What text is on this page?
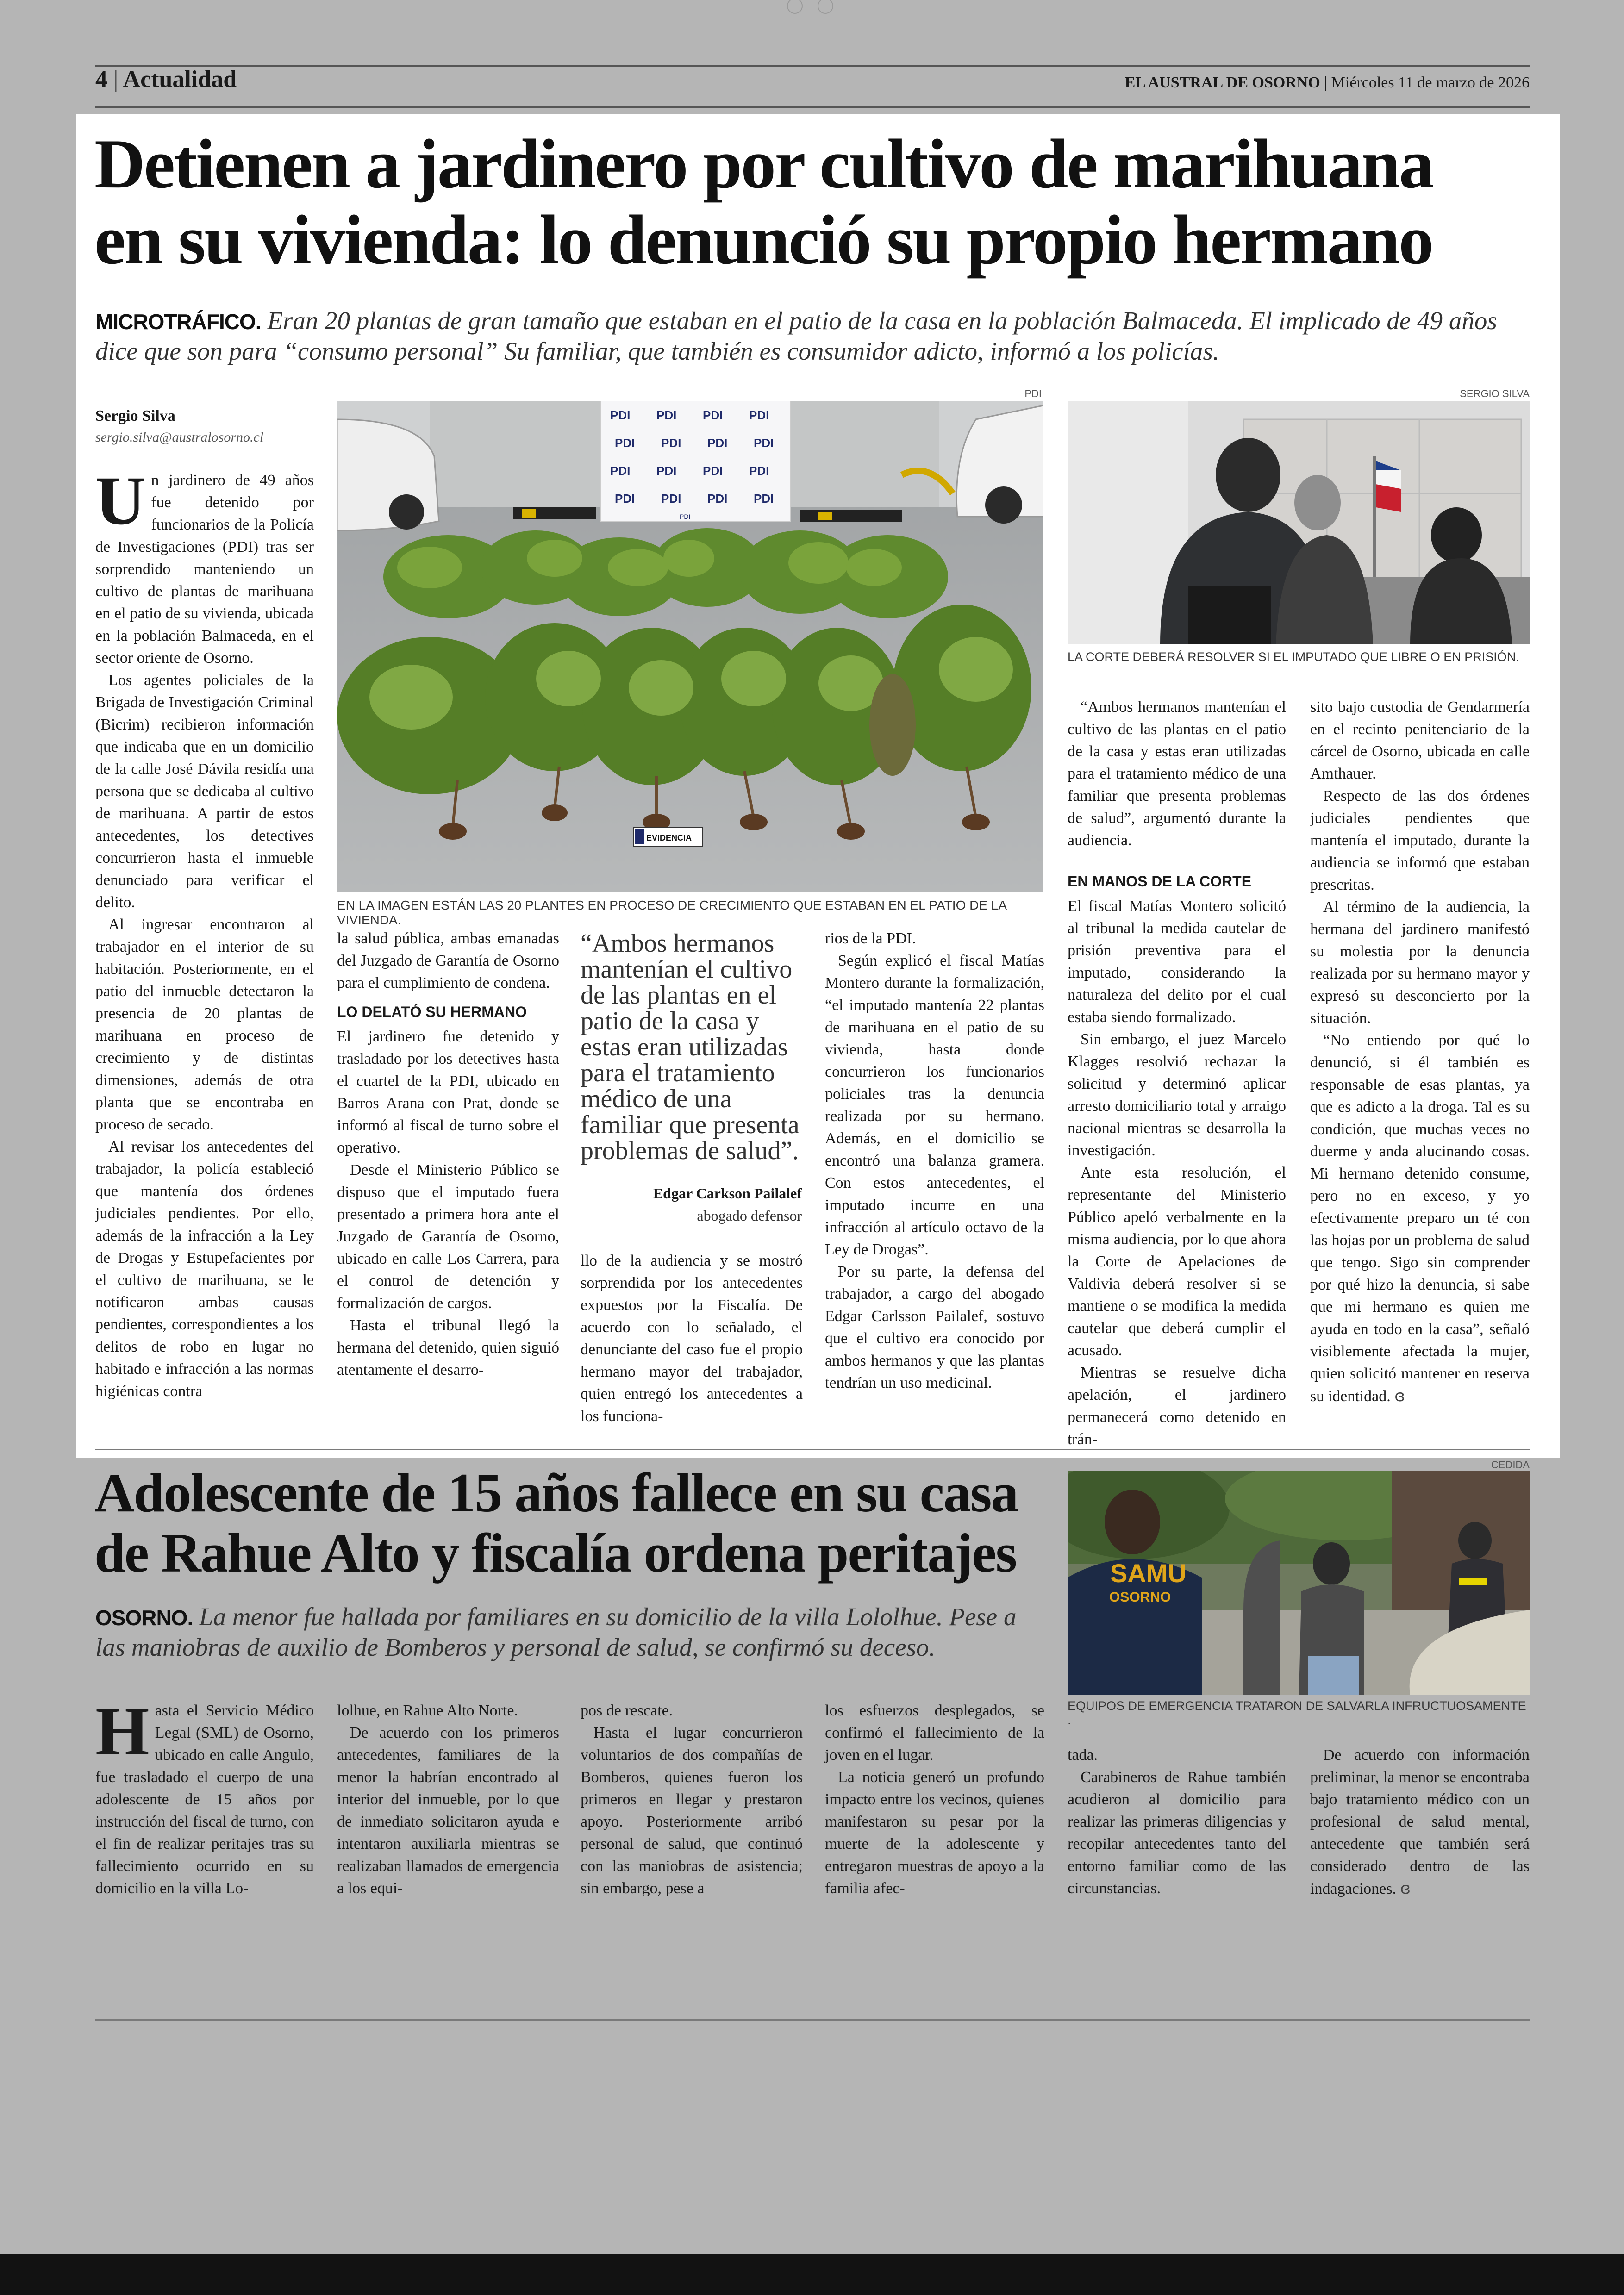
4 | Actualidad	EL AUSTRAL DE OSORNO | Miércoles 11 de marzo de 2026
Detienen a jardinero por cultivo de marihuana
en su vivienda: lo denunció su propio hermano

MICROTRÁFICO. Eran 20 plantas de gran tamaño que estaban en el patio de la casa en la población Balmaceda. El implicado de 49 años dice que son para “consumo personal” Su familiar, que también es consumidor adicto, informó a los policías.

Sergio Silva
sergio.silva@australosorno.cl
PDI
PDI PDI PDI PDI
PDI PDI PDI PDI
PDI PDI PDI PDI
PDI PDI PDI PDI
EVIDENCIA
PDI
EN LA IMAGEN ESTÁN LAS 20 PLANTES EN PROCESO DE CRECIMIENTO QUE ESTABAN EN EL PATIO DE LA VIVIENDA.
SERGIO SILVA
LA CORTE DEBERÁ RESOLVER SI EL IMPUTADO QUE LIBRE O EN PRISIÓN.

Un jardinero de 49 años fue detenido por funcionarios de la Policía de Investigaciones (PDI) tras ser sorprendido manteniendo un cultivo de plantas de marihuana en el patio de su vivienda, ubicada en la población Balmaceda, en el sector oriente de Osorno.

Los agentes policiales de la Brigada de Investigación Criminal (Bicrim) recibieron información que indicaba que en un domicilio de la calle José Dávila residía una persona que se dedicaba al cultivo de marihuana. A partir de estos antecedentes, los detectives concurrieron hasta el inmueble denunciado para verificar el delito.

Al ingresar encontraron al trabajador en el interior de su habitación. Posteriormente, en el patio del inmueble detectaron la presencia de 20 plantas de marihuana en proceso de crecimiento y de distintas dimensiones, además de otra planta que se encontraba en proceso de secado.

Al revisar los antecedentes del trabajador, la policía estableció que mantenía dos órdenes judiciales pendientes. Por ello, además de la infracción a la Ley de Drogas y Estupefacientes por el cultivo de marihuana, se le notificaron ambas causas pendientes, correspondientes a los delitos de robo en lugar no habitado e infracción a las normas higiénicas contra

la salud pública, ambas emanadas del Juzgado de Garantía de Osorno para el cumplimiento de condena.

LO DELATÓ SU HERMANO

El jardinero fue detenido y trasladado por los detectives hasta el cuartel de la PDI, ubicado en Barros Arana con Prat, donde se informó al fiscal de turno sobre el operativo.

Desde el Ministerio Público se dispuso que el imputado fuera presentado a primera hora ante el Juzgado de Garantía de Osorno, ubicado en calle Los Carrera, para el control de detención y formalización de cargos.

Hasta el tribunal llegó la hermana del detenido, quien siguió atentamente el desarro-

“Ambos hermanos mantenían el cultivo de las plantas en el patio de la casa y estas eran utilizadas para el tratamiento médico de una familiar que presenta problemas de salud”.
Edgar Carkson Pailalef
abogado defensor

llo de la audiencia y se mostró sorprendida por los antecedentes expuestos por la Fiscalía. De acuerdo con lo señalado, el denunciante del caso fue el propio hermano mayor del trabajador, quien entregó los antecedentes a los funciona-

rios de la PDI.

Según explicó el fiscal Matías Montero durante la formalización, “el imputado mantenía 22 plantas de marihuana en el patio de su vivienda, hasta donde concurrieron los funcionarios policiales tras la denuncia realizada por su hermano. Además, en el domicilio se encontró una balanza gramera. Con estos antecedentes, el imputado incurre en una infracción al artículo octavo de la Ley de Drogas”.

Por su parte, la defensa del trabajador, a cargo del abogado Edgar Carlsson Pailalef, sostuvo que el cultivo era conocido por ambos hermanos y que las plantas tendrían un uso medicinal.

“Ambos hermanos mantenían el cultivo de las plantas en el patio de la casa y estas eran utilizadas para el tratamiento médico de una familiar que presenta problemas de salud”, argumentó durante la audiencia.

EN MANOS DE LA CORTE

El fiscal Matías Montero solicitó al tribunal la medida cautelar de prisión preventiva para el imputado, considerando la naturaleza del delito por el cual estaba siendo formalizado.

Sin embargo, el juez Marcelo Klagges resolvió rechazar la solicitud y determinó aplicar arresto domiciliario total y arraigo nacional mientras se desarrolla la investigación.

Ante esta resolución, el representante del Ministerio Público apeló verbalmente en la misma audiencia, por lo que ahora la Corte de Apelaciones de Valdivia deberá resolver si se mantiene o se modifica la medida cautelar que deberá cumplir el acusado.

Mientras se resuelve dicha apelación, el jardinero permanecerá como detenido en trán-

sito bajo custodia de Gendarmería en el recinto penitenciario de la cárcel de Osorno, ubicada en calle Amthauer.

Respecto de las dos órdenes judiciales pendientes que mantenía el imputado, durante la audiencia se informó que estaban prescritas.

Al término de la audiencia, la hermana del jardinero manifestó su molestia por la denuncia realizada por su hermano mayor y expresó su desconcierto por la situación.

“No entiendo por qué lo denunció, si él también es responsable de esas plantas, ya que es adicto a la droga. Tal es su condición, que muchas veces no duerme y anda alucinando cosas. Mi hermano detenido consume, pero no en exceso, y yo efectivamente preparo un té con las hojas por un problema de salud que tengo. Sigo sin comprender por qué hizo la denuncia, si sabe que mi hermano es quien me ayuda en todo en la casa”, señaló visiblemente afectada la mujer, quien solicitó mantener en reserva su identidad. ɞ

Adolescente de 15 años fallece en su casa
de Rahue Alto y fiscalía ordena peritajes

OSORNO. La menor fue hallada por familiares en su domicilio de la villa Lololhue. Pese a las maniobras de auxilio de Bomberos y personal de salud, se confirmó su deceso.

CEDIDA
SAMU
OSORNO
EQUIPOS DE EMERGENCIA TRATARON DE SALVARLA INFRUCTUOSAMENTE .

Hasta el Servicio Médico Legal (SML) de Osorno, ubicado en calle Angulo, fue trasladado el cuerpo de una adolescente de 15 años por instrucción del fiscal de turno, con el fin de realizar peritajes tras su fallecimiento ocurrido en su domicilio en la villa Lo-

lolhue, en Rahue Alto Norte.

De acuerdo con los primeros antecedentes, familiares de la menor la habrían encontrado al interior del inmueble, por lo que de inmediato solicitaron ayuda e intentaron auxiliarla mientras se realizaban llamados de emergencia a los equi-

pos de rescate.

Hasta el lugar concurrieron voluntarios de dos compañías de Bomberos, quienes fueron los primeros en llegar y prestaron apoyo. Posteriormente arribó personal de salud, que continuó con las maniobras de asistencia; sin embargo, pese a

los esfuerzos desplegados, se confirmó el fallecimiento de la joven en el lugar.

La noticia generó un profundo impacto entre los vecinos, quienes manifestaron su pesar por la muerte de la adolescente y entregaron muestras de apoyo a la familia afec-

tada.

Carabineros de Rahue también acudieron al domicilio para realizar las primeras diligencias y recopilar antecedentes tanto del entorno familiar como de las circunstancias.

De acuerdo con información preliminar, la menor se encontraba bajo tratamiento médico con un profesional de salud mental, antecedente que también será considerado dentro de las indagaciones. ɞ
